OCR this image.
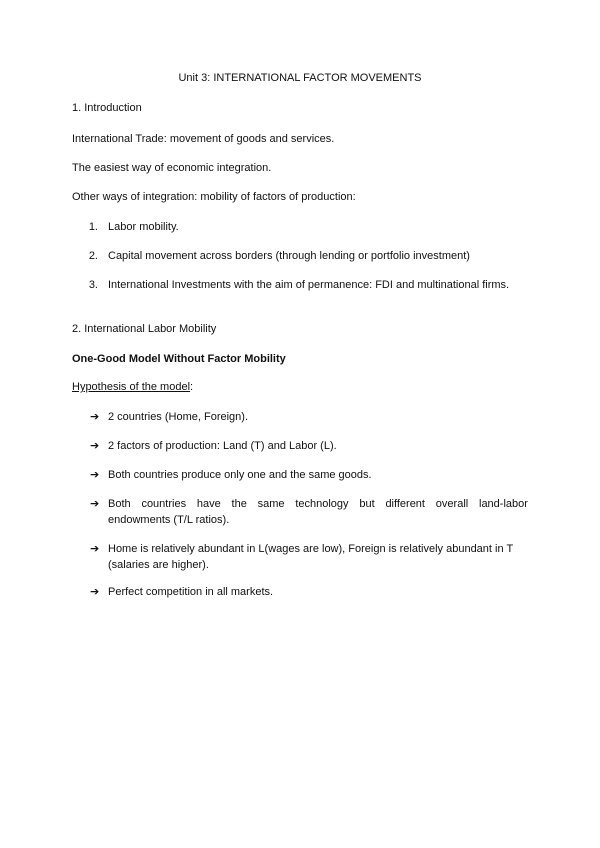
Unit 3: INTERNATIONAL FACTOR MOVEMENTS
1. Introduction
International Trade: movement of goods and services.
The easiest way of economic integration.
Other ways of integration: mobility of factors of production:
1. Labor mobility.
2. Capital movement across borders (through lending or portfolio investment)
3. International Investments with the aim of permanence: FDI and multinational firms.
2. International Labor Mobility
One-Good Model Without Factor Mobility
Hypothesis of the model:
➔ 2 countries (Home, Foreign).
➔ 2 factors of production: Land (T) and Labor (L).
➔ Both countries produce only one and the same goods.
➔ Both countries have the same technology but different overall land-labor
endowments (T/L ratios).
➔ Home is relatively abundant in L(wages are low), Foreign is relatively abundant in T
(salaries are higher).
➔ Perfect competition in all markets.
